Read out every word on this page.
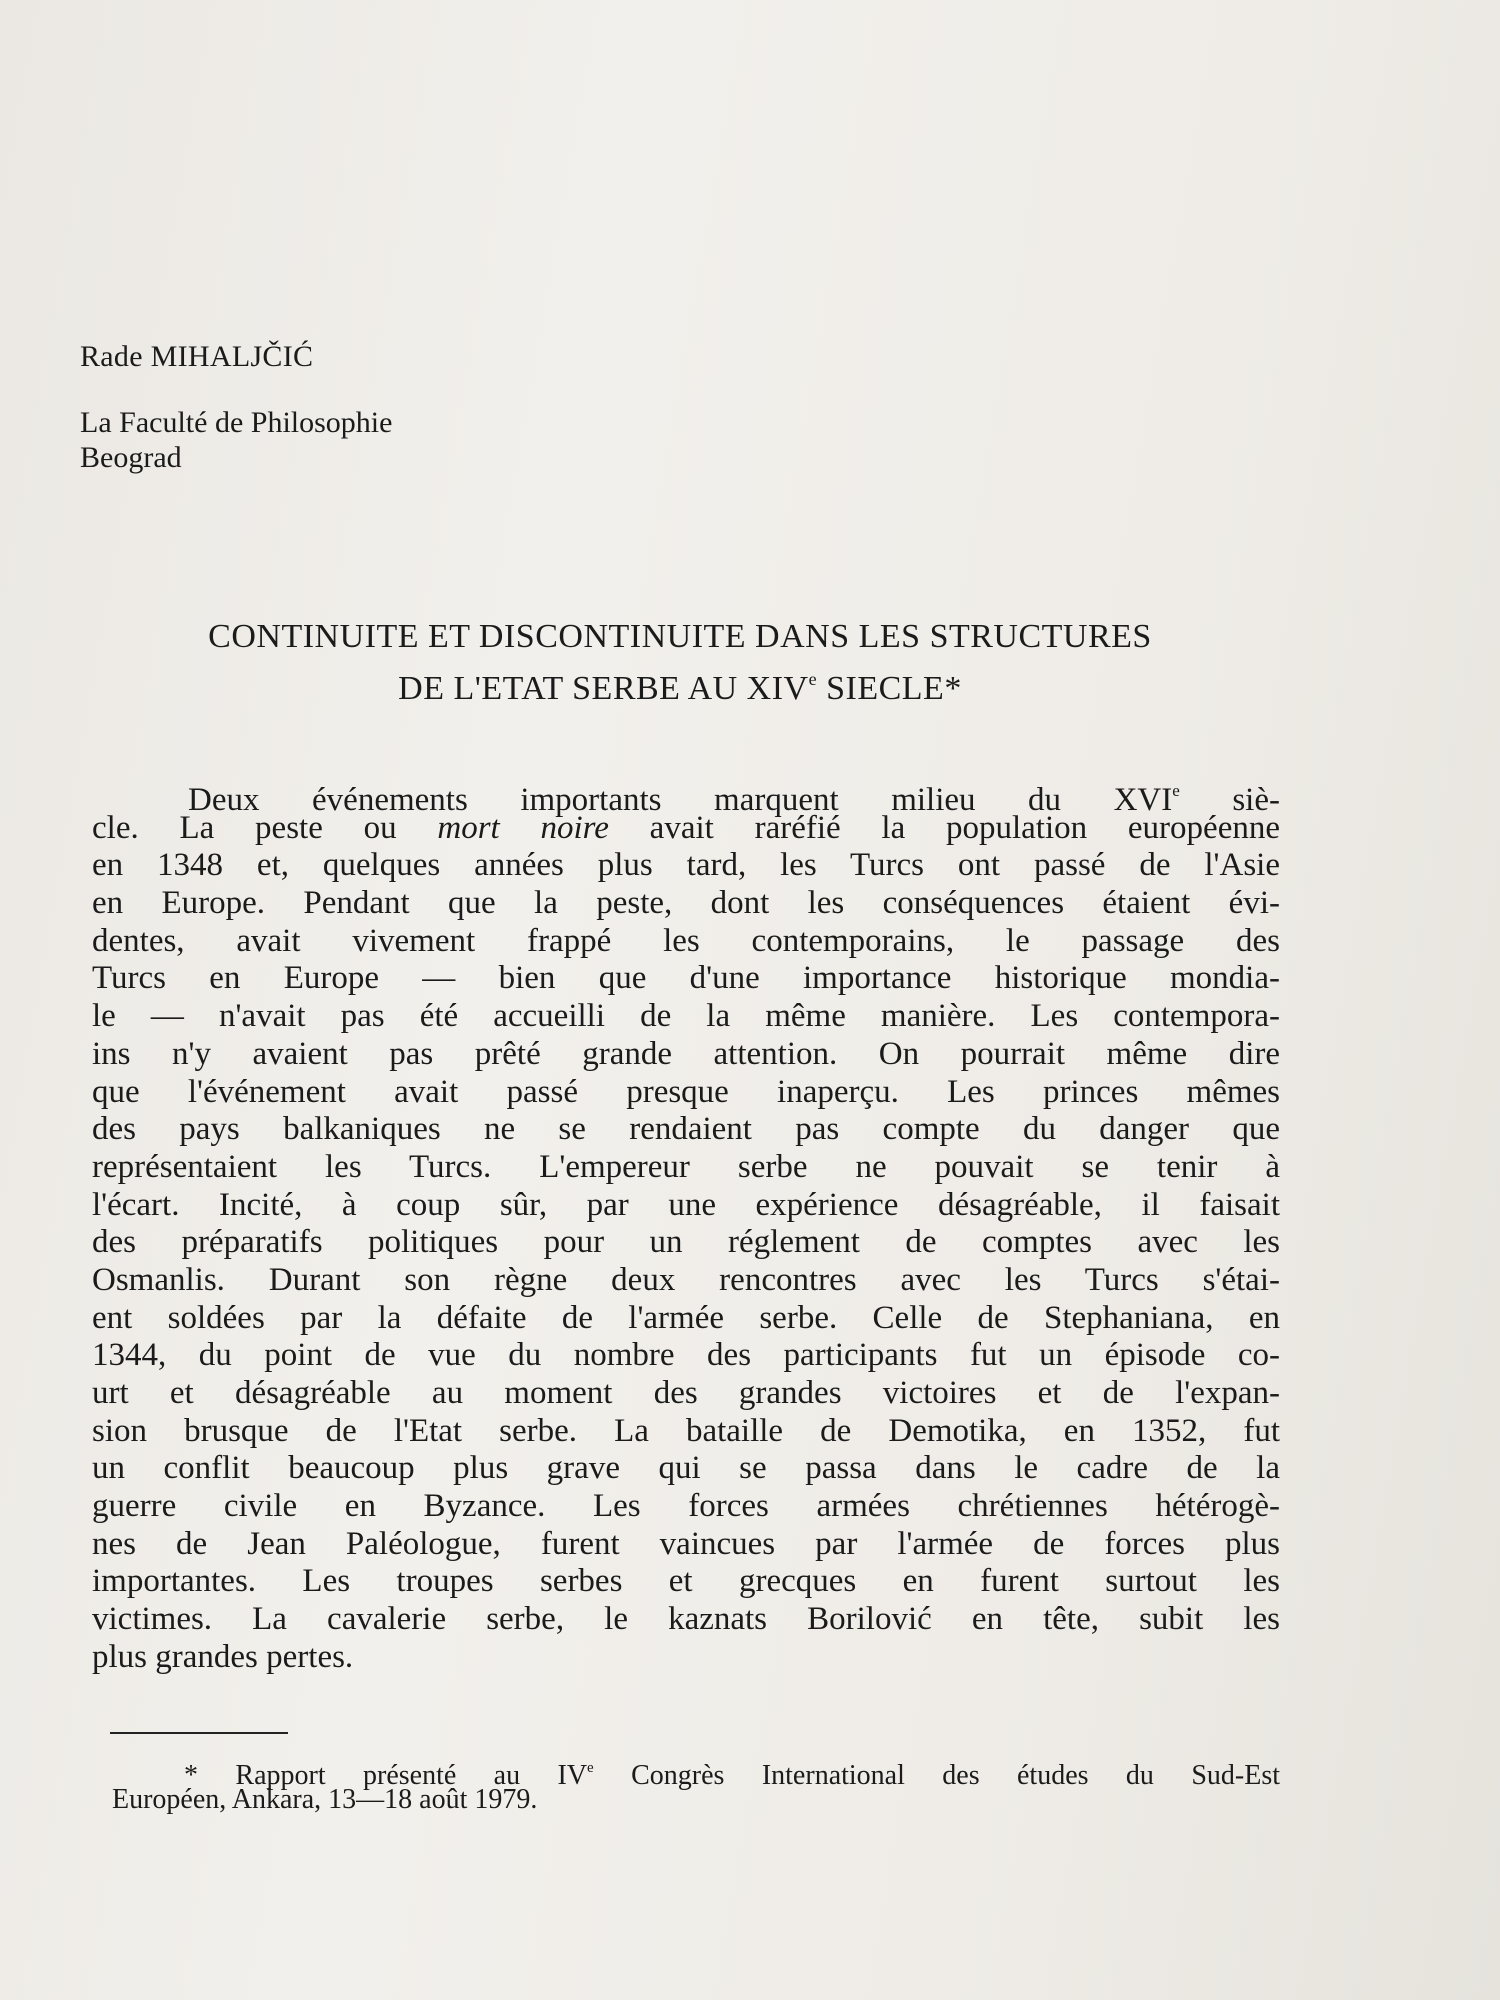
Rade MIHALJČIĆ
La Faculté de Philosophie
Beograd
CONTINUITE ET DISCONTINUITE DANS LES STRUCTURES
DE L'ETAT SERBE AU XIVe SIECLE*
Deux événements importants marquent milieu du XVIe siè-
cle. La peste ou mort noire avait raréfié la population européenne
en 1348 et, quelques années plus tard, les Turcs ont passé de l'Asie
en Europe. Pendant que la peste, dont les conséquences étaient évi-
dentes, avait vivement frappé les contemporains, le passage des
Turcs en Europe — bien que d'une importance historique mondia-
le — n'avait pas été accueilli de la même manière. Les contempora-
ins n'y avaient pas prêté grande attention. On pourrait même dire
que l'événement avait passé presque inaperçu. Les princes mêmes
des pays balkaniques ne se rendaient pas compte du danger que
représentaient les Turcs. L'empereur serbe ne pouvait se tenir à
l'écart. Incité, à coup sûr, par une expérience désagréable, il faisait
des préparatifs politiques pour un réglement de comptes avec les
Osmanlis. Durant son règne deux rencontres avec les Turcs s'étai-
ent soldées par la défaite de l'armée serbe. Celle de Stephaniana, en
1344, du point de vue du nombre des participants fut un épisode co-
urt et désagréable au moment des grandes victoires et de l'expan-
sion brusque de l'Etat serbe. La bataille de Demotika, en 1352, fut
un conflit beaucoup plus grave qui se passa dans le cadre de la
guerre civile en Byzance. Les forces armées chrétiennes hétérogè-
nes de Jean Paléologue, furent vaincues par l'armée de forces plus
importantes. Les troupes serbes et grecques en furent surtout les
victimes. La cavalerie serbe, le kaznats Borilović en tête, subit les
plus grandes pertes.
* Rapport présenté au IVe Congrès International des études du Sud-Est
Européen, Ankara, 13—18 août 1979.
